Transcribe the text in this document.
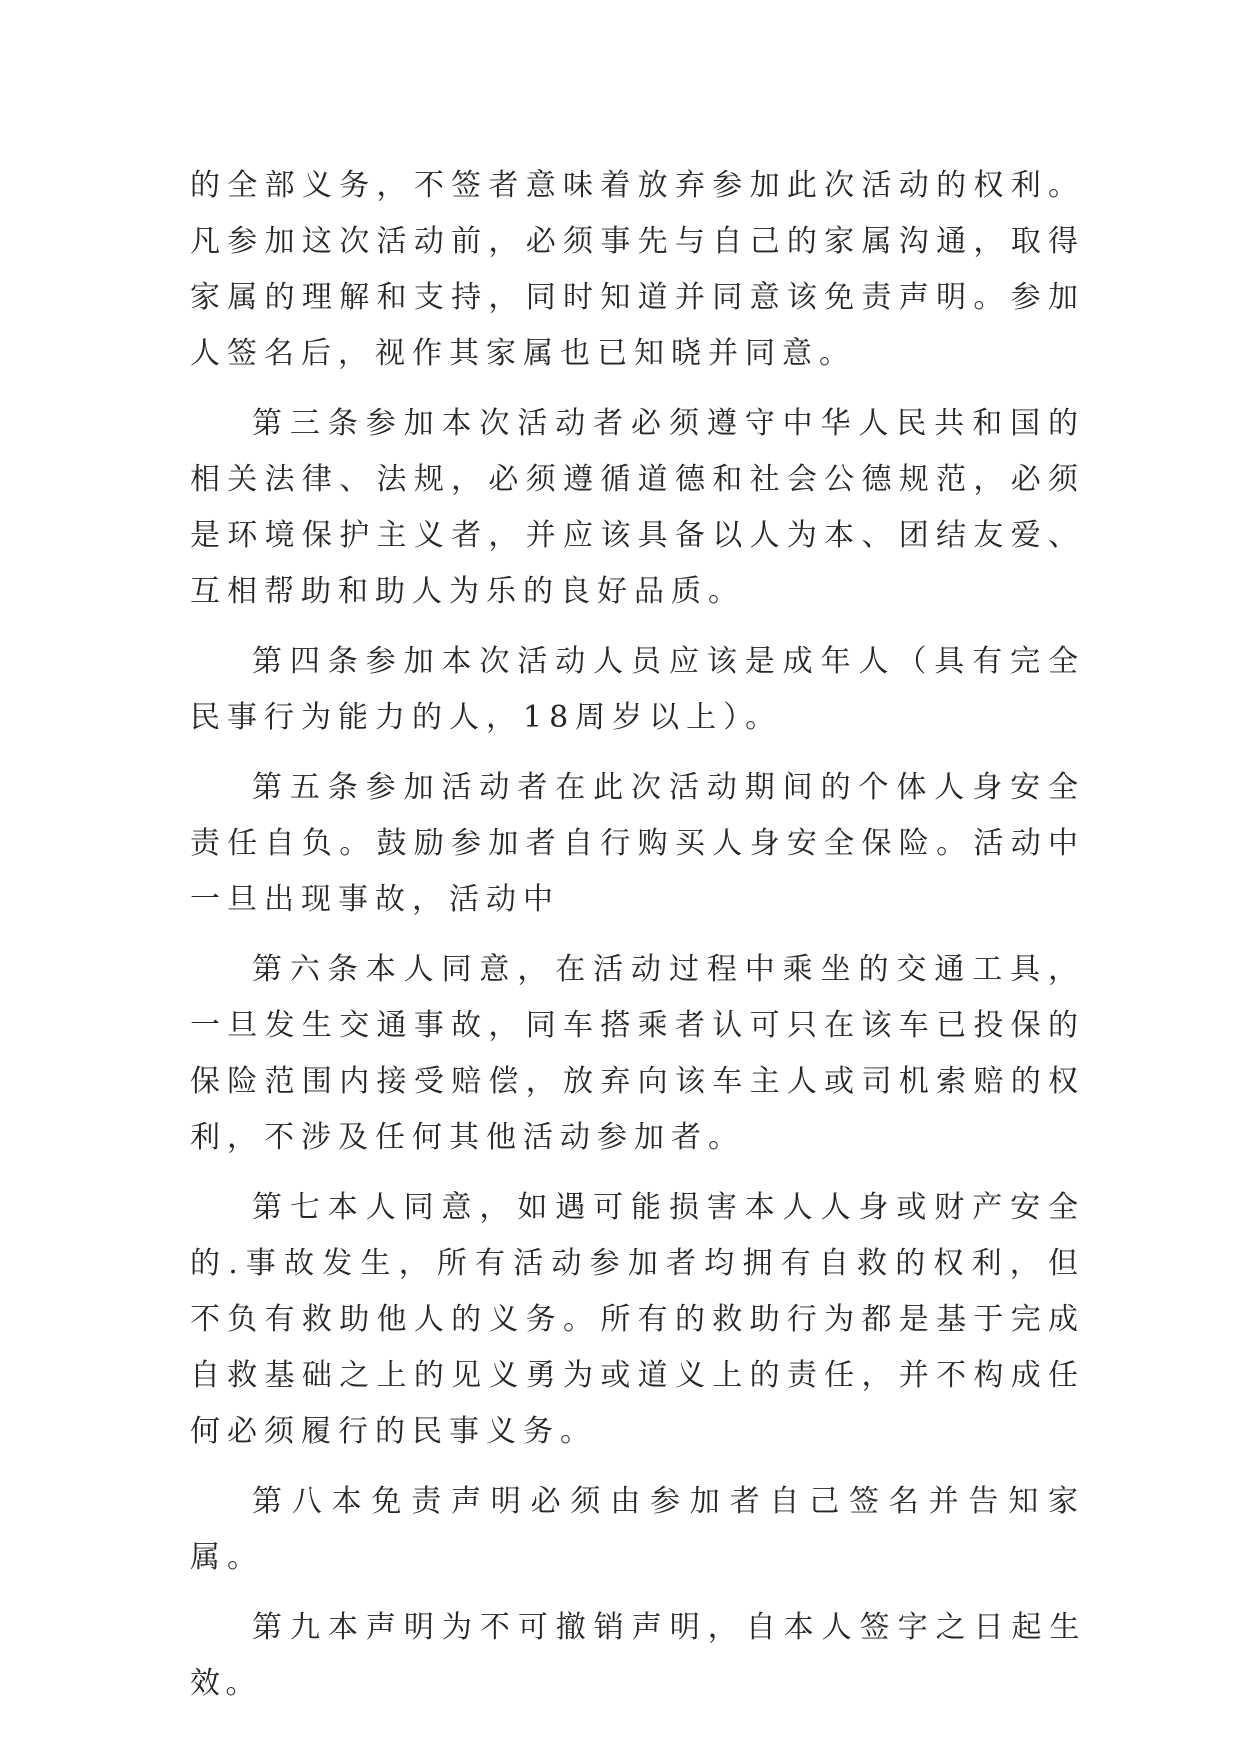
的全部义务，不签者意味着放弃参加此次活动的权利。凡参加这次活动前，必须事先与自己的家属沟通，取得家属的理解和支持，同时知道并同意该免责声明。参加人签名后，视作其家属也已知晓并同意。

第三条参加本次活动者必须遵守中华人民共和国的相关法律、法规，必须遵循道德和社会公德规范，必须是环境保护主义者，并应该具备以人为本、团结友爱、互相帮助和助人为乐的良好品质。

第四条参加本次活动人员应该是成年人（具有完全民事行为能力的人，18周岁以上）。

第五条参加活动者在此次活动期间的个体人身安全责任自负。鼓励参加者自行购买人身安全保险。活动中一旦出现事故，活动中

第六条本人同意，在活动过程中乘坐的交通工具，一旦发生交通事故，同车搭乘者认可只在该车已投保的保险范围内接受赔偿，放弃向该车主人或司机索赔的权利，不涉及任何其他活动参加者。

第七本人同意，如遇可能损害本人人身或财产安全的.事故发生，所有活动参加者均拥有自救的权利，但不负有救助他人的义务。所有的救助行为都是基于完成自救基础之上的见义勇为或道义上的责任，并不构成任何必须履行的民事义务。

第八本免责声明必须由参加者自己签名并告知家属。

第九本声明为不可撤销声明，自本人签字之日起生效。
